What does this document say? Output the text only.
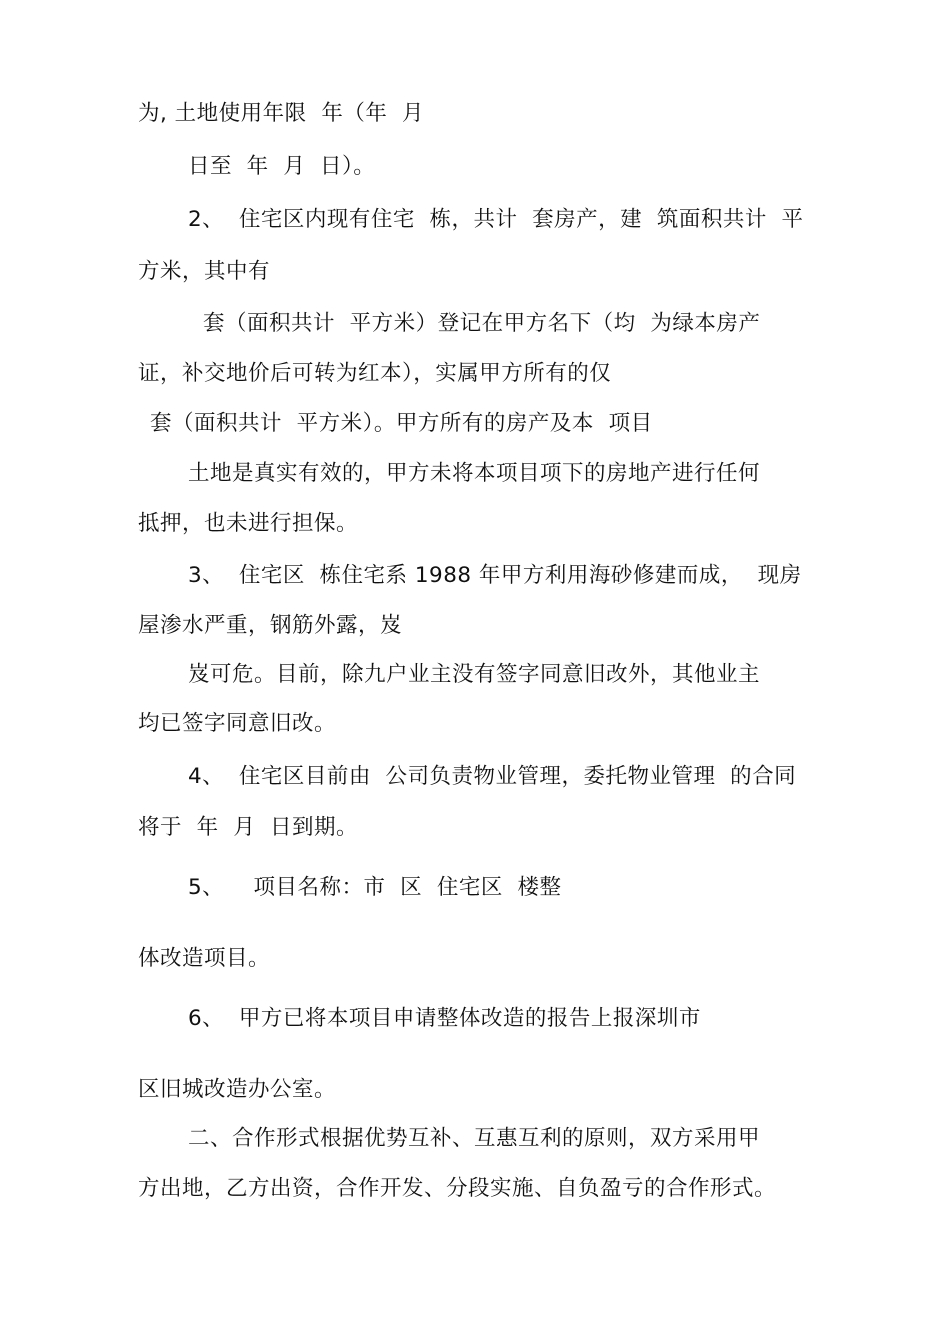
为, 土地使用年限  年（年  月
日至  年  月  日）。
2、  住宅区内现有住宅  栋，共计  套房产，建  筑面积共计  平
方米，其中有
套（面积共计  平方米）登记在甲方名下（均  为绿本房产
证，补交地价后可转为红本），实属甲方所有的仅
套（面积共计  平方米）。甲方所有的房产及本  项目
土地是真实有效的，甲方未将本项目项下的房地产进行任何
抵押，也未进行担保。
3、  住宅区  栋住宅系 1988 年甲方利用海砂修建而成，  现房
屋渗水严重，钢筋外露，岌
岌可危。目前，除九户业主没有签字同意旧改外，其他业主
均已签字同意旧改。
4、  住宅区目前由  公司负责物业管理，委托物业管理  的合同
将于  年  月  日到期。
5、    项目名称：市  区  住宅区  楼整
体改造项目。
6、  甲方已将本项目申请整体改造的报告上报深圳市
区旧城改造办公室。
二、合作形式根据优势互补、互惠互利的原则，双方采用甲
方出地，乙方出资，合作开发、分段实施、自负盈亏的合作形式。
